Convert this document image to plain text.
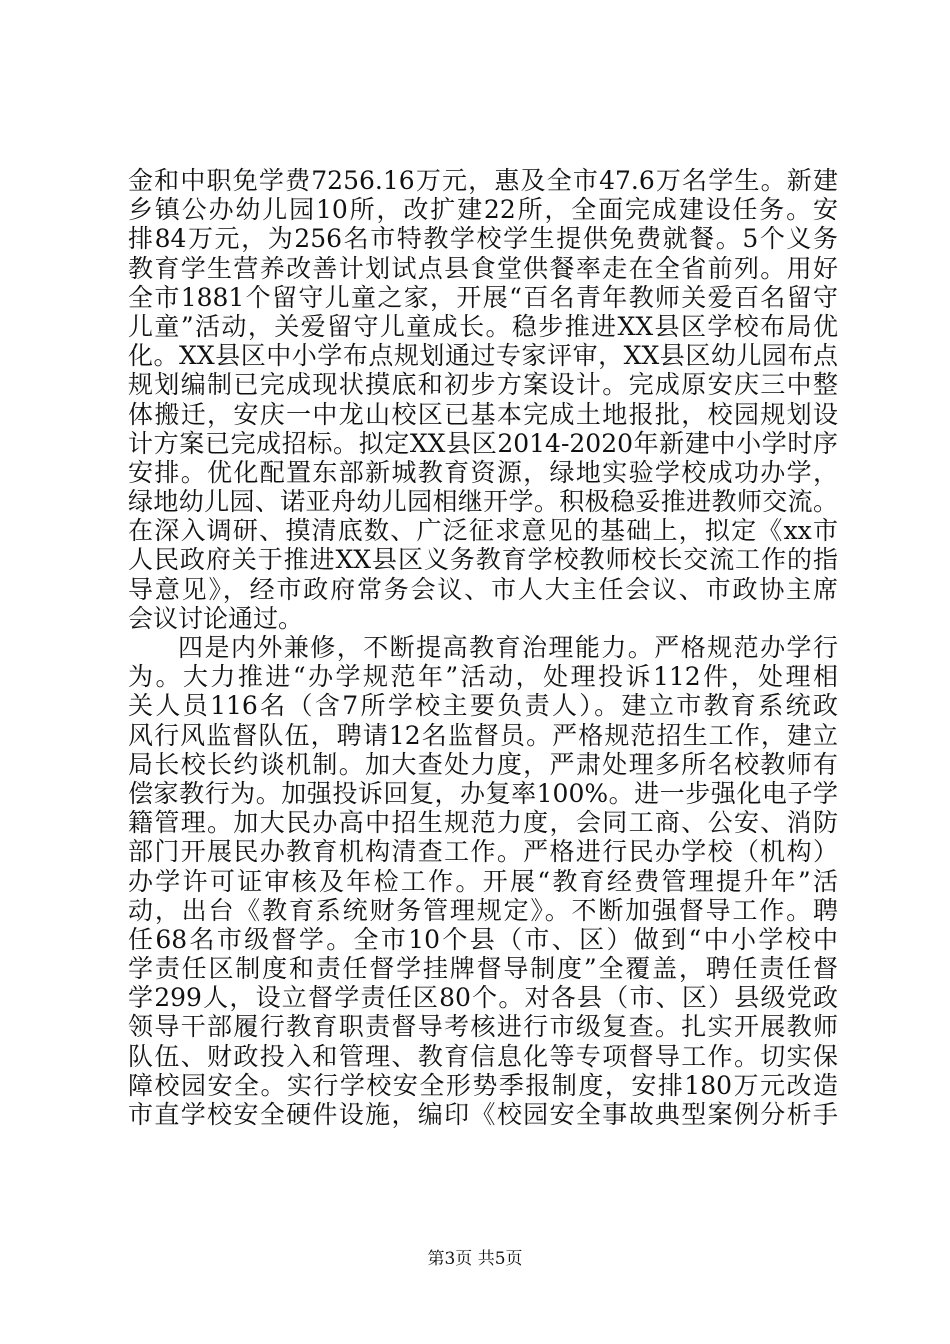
金和中职免学费7256.16万元，惠及全市47.6万名学生。新建
乡镇公办幼儿园10所，改扩建22所，全面完成建设任务。安
排84万元，为256名市特教学校学生提供免费就餐。5个义务
教育学生营养改善计划试点县食堂供餐率走在全省前列。用好
全市1881个留守儿童之家，开展“百名青年教师关爱百名留守
儿童”活动，关爱留守儿童成长。稳步推进XX县区学校布局优
化。XX县区中小学布点规划通过专家评审，XX县区幼儿园布点
规划编制已完成现状摸底和初步方案设计。完成原安庆三中整
体搬迁，安庆一中龙山校区已基本完成土地报批，校园规划设
计方案已完成招标。拟定XX县区2014-2020年新建中小学时序
安排。优化配置东部新城教育资源，绿地实验学校成功办学，
绿地幼儿园、诺亚舟幼儿园相继开学。积极稳妥推进教师交流。
在深入调研、摸清底数、广泛征求意见的基础上，拟定《xx市
人民政府关于推进XX县区义务教育学校教师校长交流工作的指
导意见》，经市政府常务会议、市人大主任会议、市政协主席
会议讨论通过。
四是内外兼修，不断提高教育治理能力。严格规范办学行
为。大力推进“办学规范年”活动，处理投诉112件，处理相
关人员116名（含7所学校主要负责人）。建立市教育系统政
风行风监督队伍，聘请12名监督员。严格规范招生工作，建立
局长校长约谈机制。加大查处力度，严肃处理多所名校教师有
偿家教行为。加强投诉回复，办复率100%。进一步强化电子学
籍管理。加大民办高中招生规范力度，会同工商、公安、消防
部门开展民办教育机构清查工作。严格进行民办学校（机构）
办学许可证审核及年检工作。开展“教育经费管理提升年”活
动，出台《教育系统财务管理规定》。不断加强督导工作。聘
任68名市级督学。全市10个县（市、区）做到“中小学校中
学责任区制度和责任督学挂牌督导制度”全覆盖，聘任责任督
学299人，设立督学责任区80个。对各县（市、区）县级党政
领导干部履行教育职责督导考核进行市级复查。扎实开展教师
队伍、财政投入和管理、教育信息化等专项督导工作。切实保
障校园安全。实行学校安全形势季报制度，安排180万元改造
市直学校安全硬件设施，编印《校园安全事故典型案例分析手
第3页 共5页
